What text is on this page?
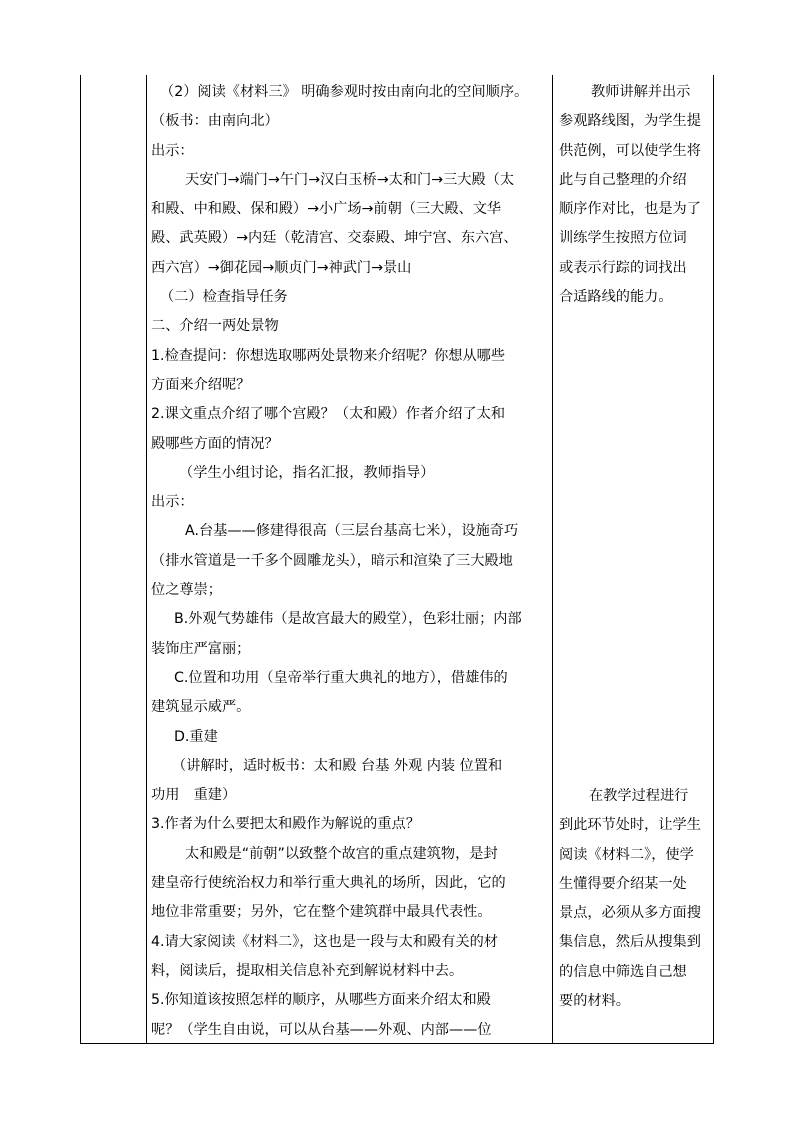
（2）阅读《材料三》 明确参观时按由南向北的空间顺序。
（板书：由南向北）
出示：
天安门→端门→午门→汉白玉桥→太和门→三大殿（太
和殿、中和殿、保和殿）→小广场→前朝（三大殿、文华
殿、武英殿）→内廷（乾清宫、交泰殿、坤宁宫、东六宫、
西六宫）→御花园→顺贞门→神武门→景山
（二）检查指导任务
二、介绍一两处景物
1.检查提问：你想选取哪两处景物来介绍呢？你想从哪些
方面来介绍呢？
2.课文重点介绍了哪个宫殿？（太和殿）作者介绍了太和
殿哪些方面的情况？
（学生小组讨论，指名汇报，教师指导）
出示：
A.台基——修建得很高（三层台基高七米），设施奇巧
（排水管道是一千多个圆雕龙头），暗示和渲染了三大殿地
位之尊崇；
B.外观气势雄伟（是故宫最大的殿堂），色彩壮丽；内部
装饰庄严富丽；
C.位置和功用（皇帝举行重大典礼的地方），借雄伟的
建筑显示威严。
D.重建
（讲解时，适时板书：太和殿 台基 外观 内装 位置和
功用　重建）
3.作者为什么要把太和殿作为解说的重点？
太和殿是“前朝”以致整个故宫的重点建筑物，是封
建皇帝行使统治权力和举行重大典礼的场所，因此，它的
地位非常重要；另外，它在整个建筑群中最具代表性。
4.请大家阅读《材料二》，这也是一段与太和殿有关的材
料，阅读后，提取相关信息补充到解说材料中去。
5.你知道该按照怎样的顺序，从哪些方面来介绍太和殿
呢？（学生自由说，可以从台基——外观、内部——位
教师讲解并出示
参观路线图，为学生提
供范例，可以使学生将
此与自己整理的介绍
顺序作对比，也是为了
训练学生按照方位词
或表示行踪的词找出
合适路线的能力。
在教学过程进行
到此环节处时，让学生
阅读《材料二》，使学
生懂得要介绍某一处
景点，必须从多方面搜
集信息，然后从搜集到
的信息中筛选自己想
要的材料。
